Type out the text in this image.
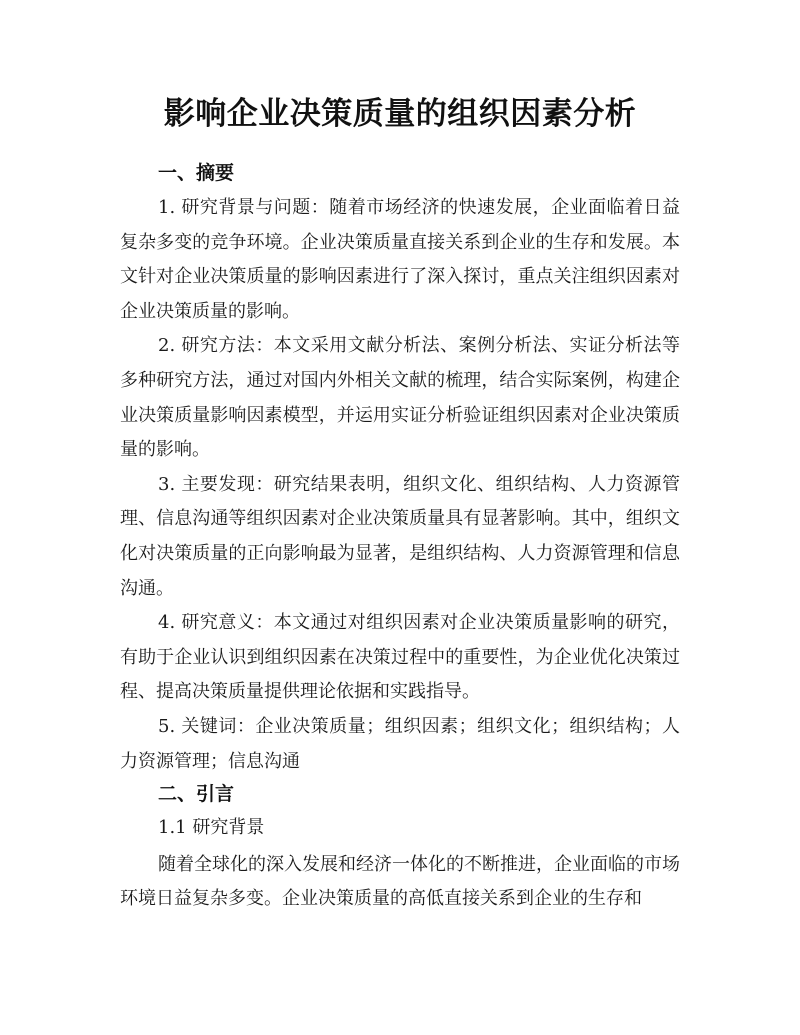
影响企业决策质量的组织因素分析
一、摘要

1. 研究背景与问题：随着市场经济的快速发展，企业面临着日益复杂多变的竞争环境。企业决策质量直接关系到企业的生存和发展。本文针对企业决策质量的影响因素进行了深入探讨，重点关注组织因素对企业决策质量的影响。

2. 研究方法：本文采用文献分析法、案例分析法、实证分析法等多种研究方法，通过对国内外相关文献的梳理，结合实际案例，构建企业决策质量影响因素模型，并运用实证分析验证组织因素对企业决策质量的影响。

3. 主要发现：研究结果表明，组织文化、组织结构、人力资源管理、信息沟通等组织因素对企业决策质量具有显著影响。其中，组织文化对决策质量的正向影响最为显著，是组织结构、人力资源管理和信息沟通。

4. 研究意义：本文通过对组织因素对企业决策质量影响的研究，有助于企业认识到组织因素在决策过程中的重要性，为企业优化决策过程、提高决策质量提供理论依据和实践指导。

5. 关键词：企业决策质量；组织因素；组织文化；组织结构；人力资源管理；信息沟通

二、引言

1.1 研究背景

随着全球化的深入发展和经济一体化的不断推进，企业面临的市场环境日益复杂多变。企业决策质量的高低直接关系到企业的生存和
